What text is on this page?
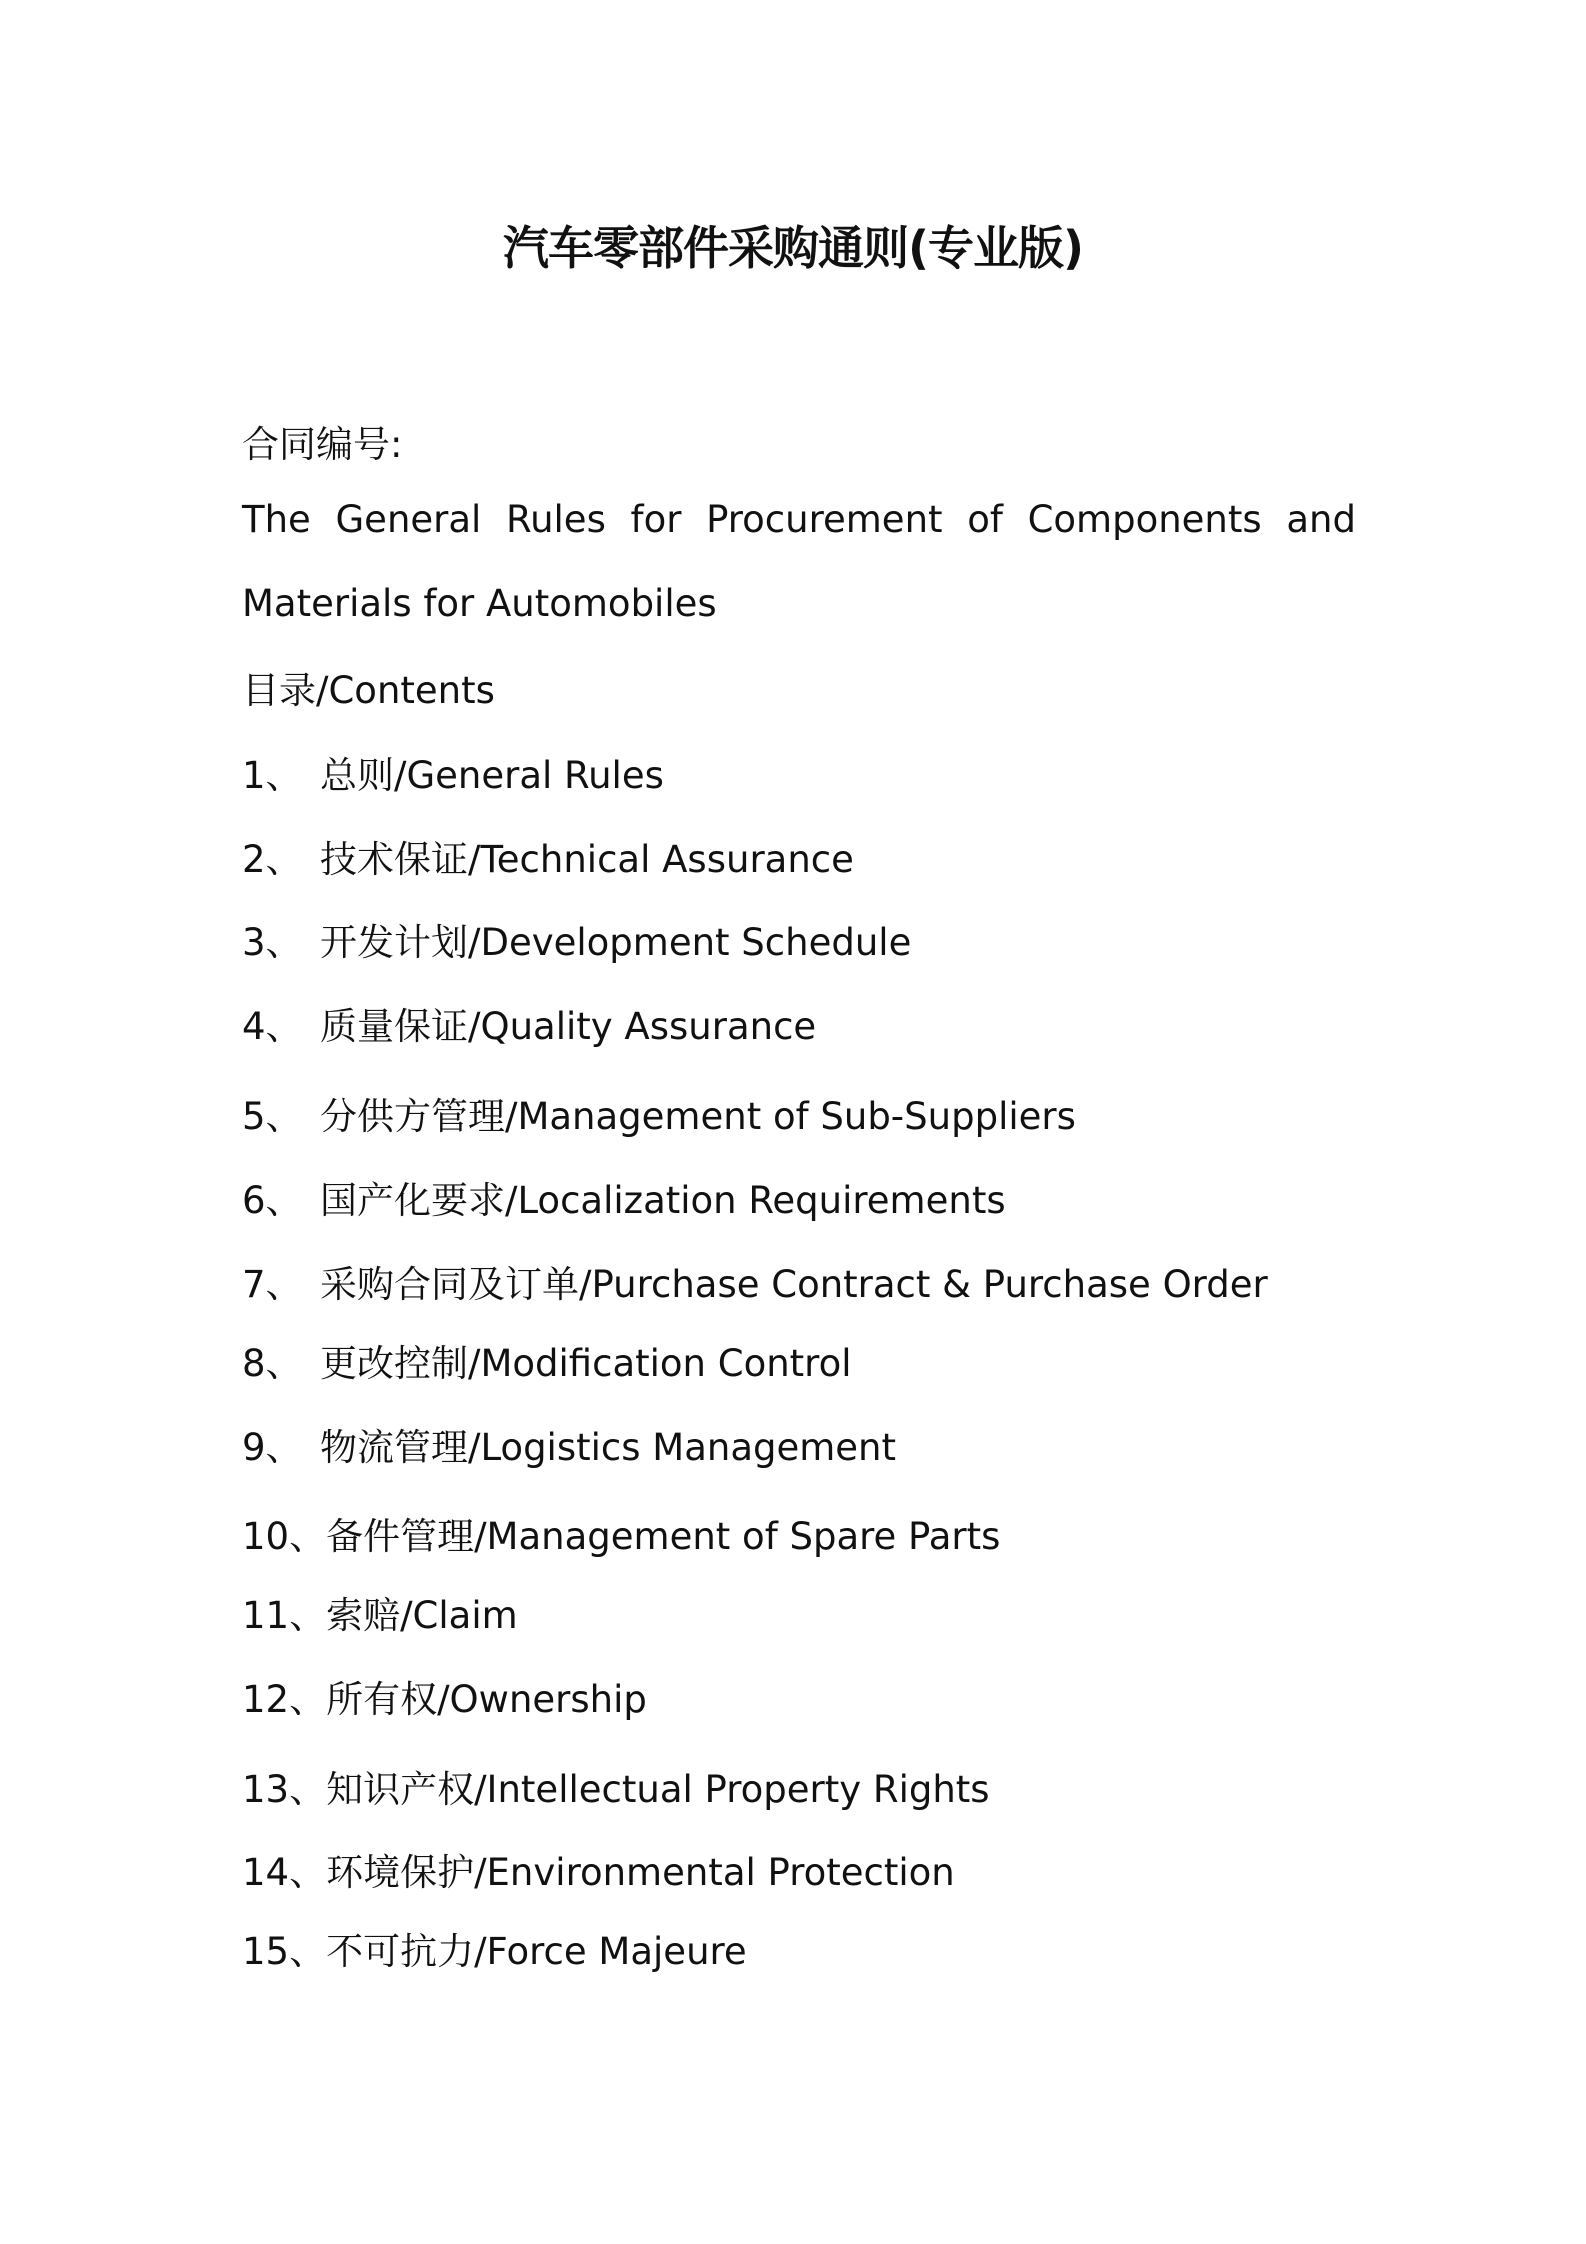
汽车零部件采购通则(专业版)
合同编号:
The General Rules for Procurement of Components and
Materials for Automobiles
目录/Contents
1、 总则/General Rules
2、 技术保证/Technical Assurance
3、 开发计划/Development Schedule
4、 质量保证/Quality Assurance
5、 分供方管理/Management of Sub-Suppliers
6、 国产化要求/Localization Requirements
7、 采购合同及订单/Purchase Contract & Purchase Order
8、 更改控制/Modification Control
9、 物流管理/Logistics Management
10、备件管理/Management of Spare Parts
11、索赔/Claim
12、所有权/Ownership
13、知识产权/Intellectual Property Rights
14、环境保护/Environmental Protection
15、不可抗力/Force Majeure
